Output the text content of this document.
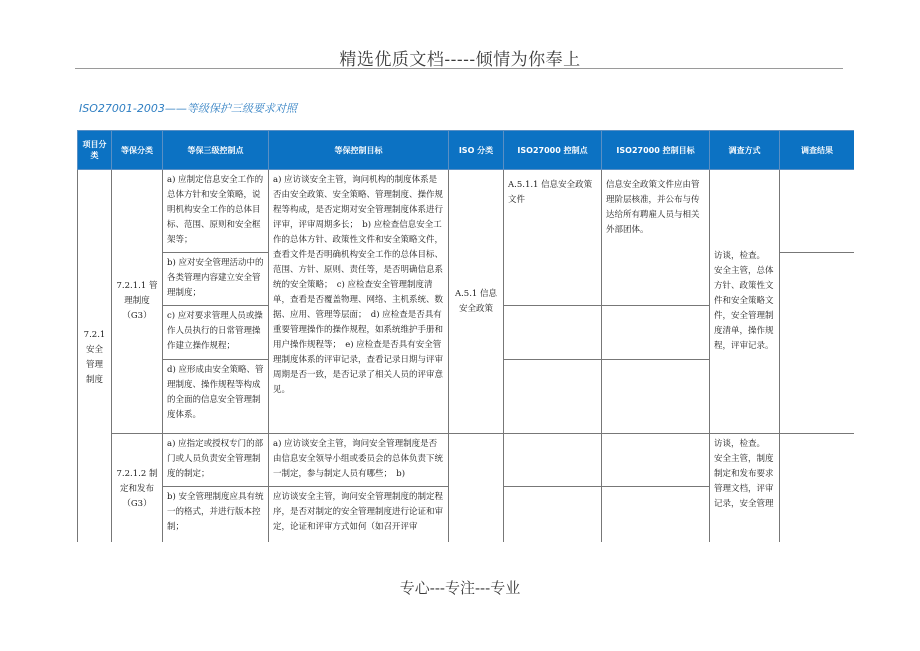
精选优质文档-----倾情为你奉上
ISO27001-2003——等级保护三级要求对照
项目分类	等保分类	等保三级控制点	等保控制目标	ISO 分类	ISO27000 控制点	ISO27000 控制目标	调查方式	调查结果
7.2.1 安全管理制度	7.2.1.1 管理制度（G3）	a) 应制定信息安全工作的总体方针和安全策略，说明机构安全工作的总体目标、范围、原则和安全框架等；	a) 应访谈安全主管，询问机构的制度体系是否由安全政策、安全策略、管理制度、操作规程等构成，是否定期对安全管理制度体系进行评审，评审周期多长；　b) 应检查信息安全工作的总体方针、政策性文件和安全策略文件，查看文件是否明确机构安全工作的总体目标、范围、方针、原则、责任等，是否明确信息系统的安全策略；　c) 应检查安全管理制度清单，查看是否覆盖物理、网络、主机系统、数据、应用、管理等层面；　d) 应检查是否具有重要管理操作的操作规程，如系统维护手册和用户操作规程等；　e) 应检查是否具有安全管理制度体系的评审记录，查看记录日期与评审周期是否一致，是否记录了相关人员的评审意见。	A.5.1 信息安全政策	A.5.1.1 信息安全政策文件	信息安全政策文件应由管理阶层核准，并公布与传达给所有聘雇人员与相关外部团体。	访谈，检查。　安全主管，总体方针、政策性文件和安全策略文件，安全管理制度清单，操作规程，评审记录。	
		b) 应对安全管理活动中的各类管理内容建立安全管理制度；						
		c) 应对要求管理人员或操作人员执行的日常管理操作建立操作规程；						
		d) 应形成由安全策略、管理制度、操作规程等构成的全面的信息安全管理制度体系。						
	7.2.1.2 制定和发布（G3）	a) 应指定或授权专门的部门或人员负责安全管理制度的制定；	a) 应访谈安全主管，询问安全管理制度是否由信息安全领导小组或委员会的总体负责下统一制定，参与制定人员有哪些；　b)				访谈，检查。　安全主管，制度制定和发布要求管理文档，评审记录，安全管理	
		b) 安全管理制度应具有统一的格式，并进行版本控制；	应访谈安全主管，询问安全管理制度的制定程序，是否对制定的安全管理制度进行论证和审定，论证和评审方式如何（如召开评审					
专心---专注---专业
